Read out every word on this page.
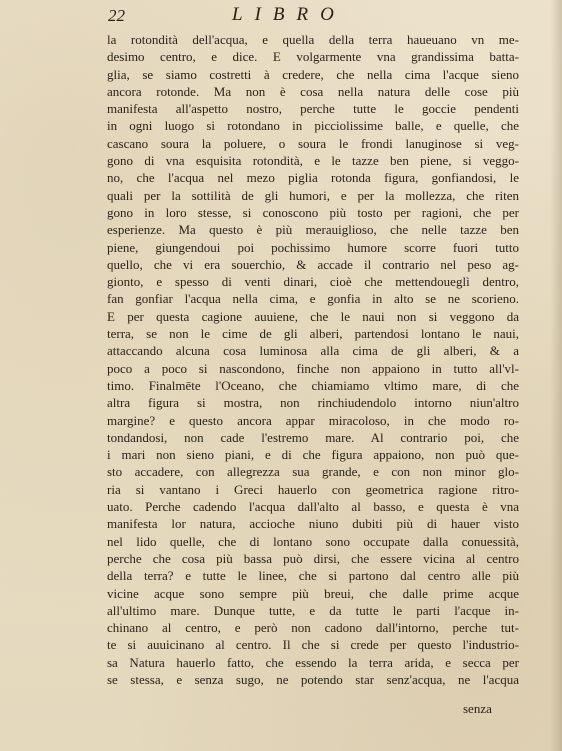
22	LIBRO
la rotondità dell'acqua, e quella della terra haueuano vn me-
desimo centro, e dice. E volgarmente vna grandissima batta-
glia, se siamo costretti à credere, che nella cima l'acque sieno
ancora rotonde. Ma non è cosa nella natura delle cose più
manifesta all'aspetto nostro, perche tutte le goccie pendenti
in ogni luogo si rotondano in picciolissime balle, e quelle, che
cascano soura la poluere, o soura le frondi lanuginose si veg-
gono di vna esquisita rotondità, e le tazze ben piene, si veggo-
no, che l'acqua nel mezo piglia rotonda figura, gonfiandosi, le
quali per la sottilità de gli humori, e per la mollezza, che riten
gono in loro stesse, si conoscono più tosto per ragioni, che per
esperienze. Ma questo è più merauiglioso, che nelle tazze ben
piene, giungendoui poi pochissimo humore scorre fuori tutto
quello, che vi era souerchio, & accade il contrario nel peso ag-
gionto, e spesso di venti dinari, cioè che mettendoueglì dentro,
fan gonfiar l'acqua nella cima, e gonfia in alto se ne scorieno.
E per questa cagione auuiene, che le naui non si veggono da
terra, se non le cime de gli alberi, partendosi lontano le naui,
attaccando alcuna cosa luminosa alla cima de gli alberi, & a
poco a poco si nascondono, finche non appaiono in tutto all'vl-
timo. Finalmēte l'Oceano, che chiamiamo vltimo mare, di che
altra figura si mostra, non rinchiudendolo intorno niun'altro
margine? e questo ancora appar miracoloso, in che modo ro-
tondandosi, non cade l'estremo mare. Al contrario poi, che
i mari non sieno piani, e di che figura appaiono, non può que-
sto accadere, con allegrezza sua grande, e con non minor glo-
ria si vantano i Greci hauerlo con geometrica ragione ritro-
uato. Perche cadendo l'acqua dall'alto al basso, e questa è vna
manifesta lor natura, accioche niuno dubiti più di hauer visto
nel lido quelle, che di lontano sono occupate dalla conuessità,
perche che cosa più bassa può dirsi, che essere vicina al centro
della terra? e tutte le linee, che si partono dal centro alle più
vicine acque sono sempre più breui, che dalle prime acque
all'ultimo mare. Dunque tutte, e da tutte le parti l'acque in-
chinano al centro, e però non cadono dall'intorno, perche tut-
te si auuicinano al centro. Il che si crede per questo l'industrio-
sa Natura hauerlo fatto, che essendo la terra arida, e secca per
se stessa, e senza sugo, ne potendo star senz'acqua, ne l'acqua
senza
